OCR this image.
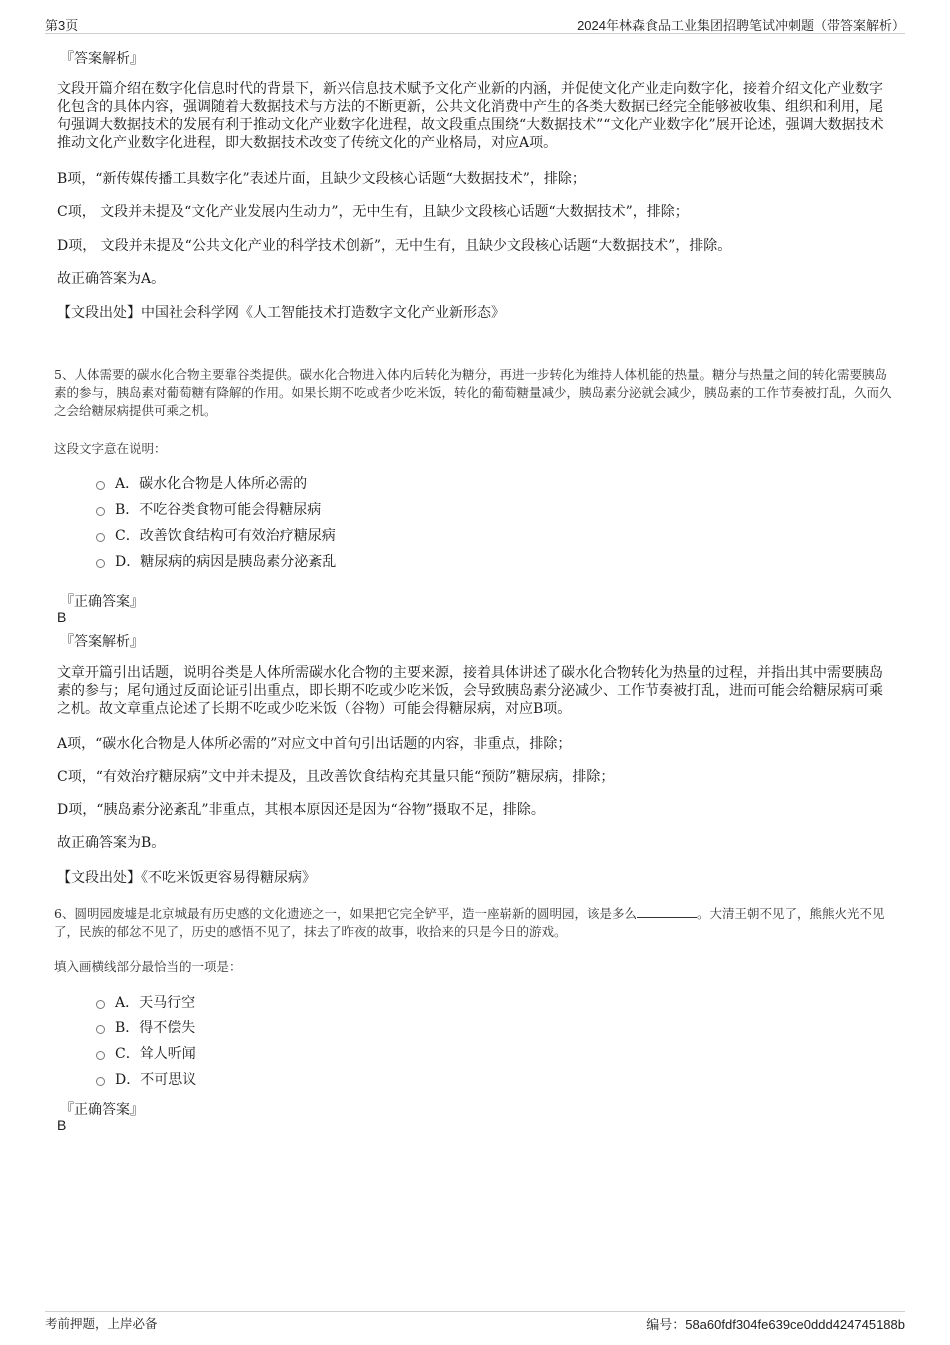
第3页	2024年林森食品工业集团招聘笔试冲刺题（带答案解析）
『答案解析』
文段开篇介绍在数字化信息时代的背景下，新兴信息技术赋予文化产业新的内涵，并促使文化产业走向数字化，接着介绍文化产业数字化包含的具体内容，强调随着大数据技术与方法的不断更新，公共文化消费中产生的各类大数据已经完全能够被收集、组织和利用，尾句强调大数据技术的发展有利于推动文化产业数字化进程，故文段重点围绕“大数据技术”“文化产业数字化”展开论述，强调大数据技术推动文化产业数字化进程，即大数据技术改变了传统文化的产业格局，对应A项。
B项，“新传媒传播工具数字化”表述片面，且缺少文段核心话题“大数据技术”，排除；
C项， 文段并未提及“文化产业发展内生动力”，无中生有，且缺少文段核心话题“大数据技术”，排除；
D项， 文段并未提及“公共文化产业的科学技术创新”，无中生有，且缺少文段核心话题“大数据技术”，排除。
故正确答案为A。
【文段出处】中国社会科学网《人工智能技术打造数字文化产业新形态》
5、人体需要的碳水化合物主要靠谷类提供。碳水化合物进入体内后转化为糖分，再进一步转化为维持人体机能的热量。糖分与热量之间的转化需要胰岛素的参与，胰岛素对葡萄糖有降解的作用。如果长期不吃或者少吃米饭，转化的葡萄糖量减少，胰岛素分泌就会减少，胰岛素的工作节奏被打乱，久而久之会给糖尿病提供可乘之机。
这段文字意在说明：
A．碳水化合物是人体所必需的
B．不吃谷类食物可能会得糖尿病
C．改善饮食结构可有效治疗糖尿病
D．糖尿病的病因是胰岛素分泌紊乱
『正确答案』
B
『答案解析』
文章开篇引出话题，说明谷类是人体所需碳水化合物的主要来源，接着具体讲述了碳水化合物转化为热量的过程，并指出其中需要胰岛素的参与；尾句通过反面论证引出重点，即长期不吃或少吃米饭，会导致胰岛素分泌减少、工作节奏被打乱，进而可能会给糖尿病可乘之机。故文章重点论述了长期不吃或少吃米饭（谷物）可能会得糖尿病，对应B项。
A项，“碳水化合物是人体所必需的”对应文中首句引出话题的内容，非重点，排除；
C项，“有效治疗糖尿病”文中并未提及，且改善饮食结构充其量只能“预防”糖尿病，排除；
D项，“胰岛素分泌紊乱”非重点，其根本原因还是因为“谷物”摄取不足，排除。
故正确答案为B。
【文段出处】《不吃米饭更容易得糖尿病》
6、圆明园废墟是北京城最有历史感的文化遗迹之一，如果把它完全铲平，造一座崭新的圆明园，该是多么	。大清王朝不见了，熊熊火光不见了，民族的郁忿不见了，历史的感悟不见了，抹去了昨夜的故事，收拾来的只是今日的游戏。
填入画横线部分最恰当的一项是：
A．天马行空
B．得不偿失
C．耸人听闻
D．不可思议
『正确答案』
B
考前押题，上岸必备	编号：58a60fdf304fe639ce0ddd424745188b
